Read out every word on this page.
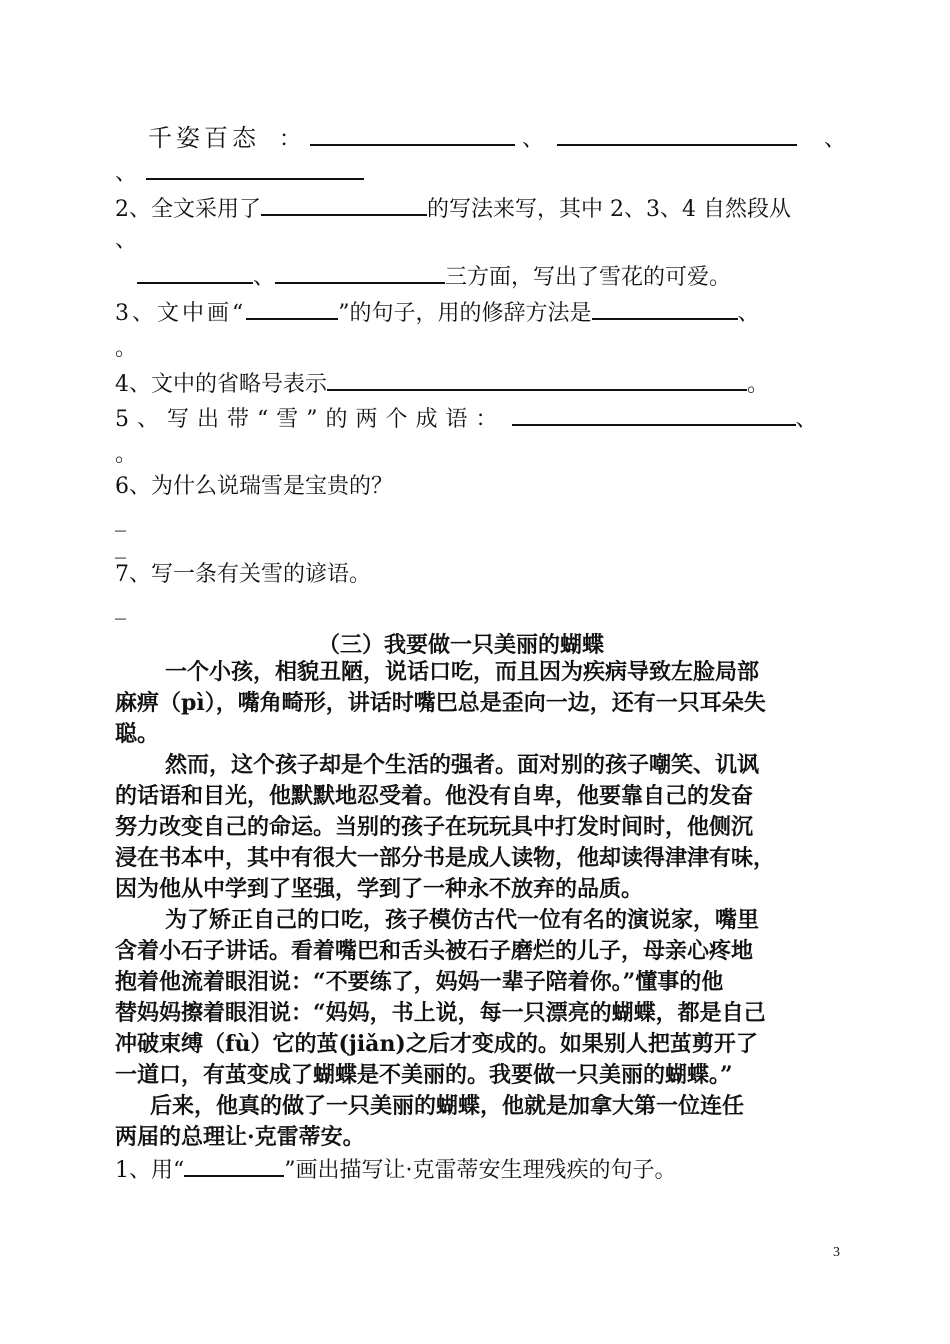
千姿百态 ：	、	、
、
2、全文采用了	的写法来写，其中 2、3、4 自然段从
、
、	三方面，写出了雪花的可爱。
3、文中画“	”的句子，用的修辞方法是	、
。
4、文中的省略号表示	。
5、写出带“雪”的两个成语：	、
。
6、为什么说瑞雪是宝贵的？
_
_
7、写一条有关雪的谚语。
_
（三）我要做一只美丽的蝴蝶
一个小孩，相貌丑陋，说话口吃，而且因为疾病导致左脸局部
麻痹（pì），嘴角畸形，讲话时嘴巴总是歪向一边，还有一只耳朵失
聪。
然而，这个孩子却是个生活的强者。面对别的孩子嘲笑、讥讽
的话语和目光，他默默地忍受着。他没有自卑，他要靠自己的发奋
努力改变自己的命运。当别的孩子在玩玩具中打发时间时，他侧沉
浸在书本中，其中有很大一部分书是成人读物，他却读得津津有味，
因为他从中学到了坚强，学到了一种永不放弃的品质。
为了矫正自己的口吃，孩子模仿古代一位有名的演说家，嘴里
含着小石子讲话。看着嘴巴和舌头被石子磨烂的儿子，母亲心疼地
抱着他流着眼泪说：“不要练了，妈妈一辈子陪着你。”懂事的他
替妈妈擦着眼泪说：“妈妈，书上说，每一只漂亮的蝴蝶，都是自己
冲破束缚（fù）它的茧(jiǎn)之后才变成的。如果别人把茧剪开了
一道口，有茧变成了蝴蝶是不美丽的。我要做一只美丽的蝴蝶。”
后来，他真的做了一只美丽的蝴蝶，他就是加拿大第一位连任
两届的总理让·克雷蒂安。
1、用“	”画出描写让·克雷蒂安生理残疾的句子。
3
